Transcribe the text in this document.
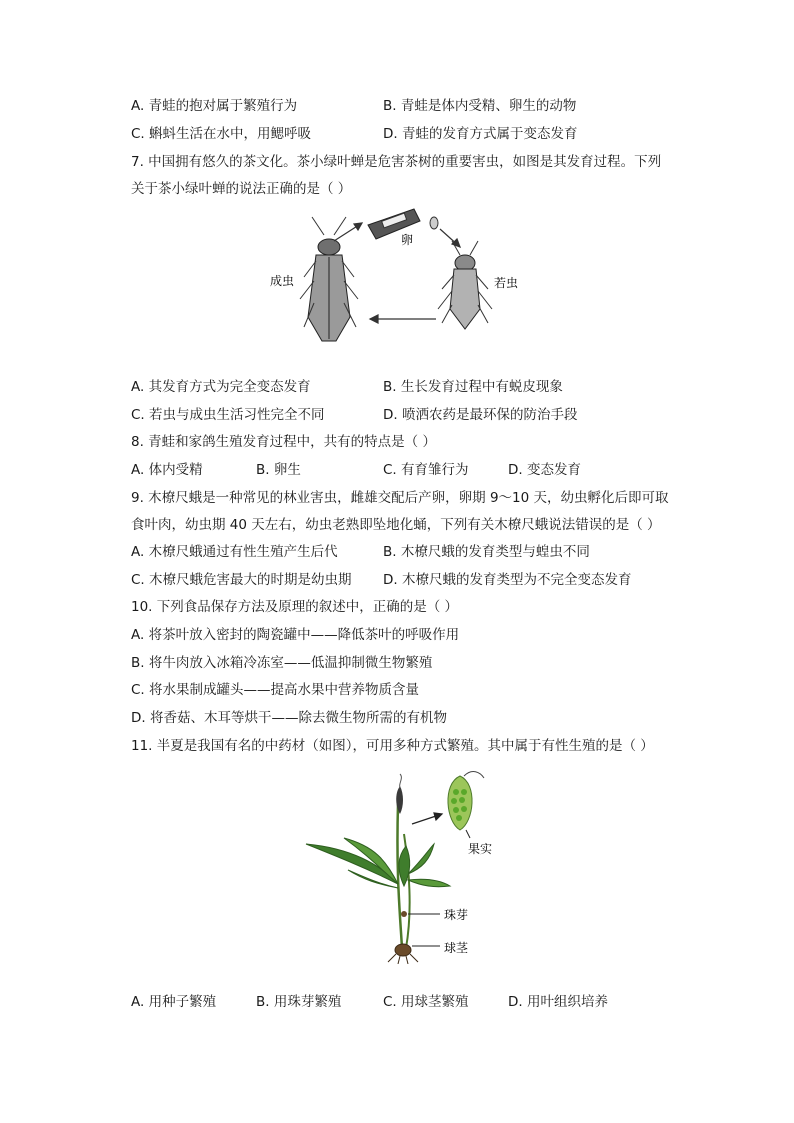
A. 青蛙的抱对属于繁殖行为	B. 青蛙是体内受精、卵生的动物
C. 蝌蚪生活在水中，用鳃呼吸	D. 青蛙的发育方式属于变态发育
7. 中国拥有悠久的茶文化。茶小绿叶蝉是危害茶树的重要害虫，如图是其发育过程。下列
关于茶小绿叶蝉的说法正确的是（ ）
卵
成虫	若虫
A. 其发育方式为完全变态发育	B. 生长发育过程中有蜕皮现象
C. 若虫与成虫生活习性完全不同	D. 喷洒农药是最环保的防治手段
8. 青蛙和家鸽生殖发育过程中，共有的特点是（ ）
A. 体内受精	B. 卵生	C. 有育雏行为	D. 变态发育
9. 木橑尺蛾是一种常见的林业害虫，雌雄交配后产卵，卵期 9～10 天，幼虫孵化后即可取
食叶肉，幼虫期 40 天左右，幼虫老熟即坠地化蛹，下列有关木橑尺蛾说法错误的是（ ）
A. 木橑尺蛾通过有性生殖产生后代	B. 木橑尺蛾的发育类型与蝗虫不同
C. 木橑尺蛾危害最大的时期是幼虫期 D. 木橑尺蛾的发育类型为不完全变态发育
10. 下列食品保存方法及原理的叙述中，正确的是（ ）
A. 将茶叶放入密封的陶瓷罐中——降低茶叶的呼吸作用
B. 将牛肉放入冰箱冷冻室——低温抑制微生物繁殖
C. 将水果制成罐头——提高水果中营养物质含量
D. 将香菇、木耳等烘干——除去微生物所需的有机物
11. 半夏是我国有名的中药材（如图），可用多种方式繁殖。其中属于有性生殖的是（ ）
果实
珠芽
球茎
A. 用种子繁殖	B. 用珠芽繁殖	C. 用球茎繁殖	D. 用叶组织培养
